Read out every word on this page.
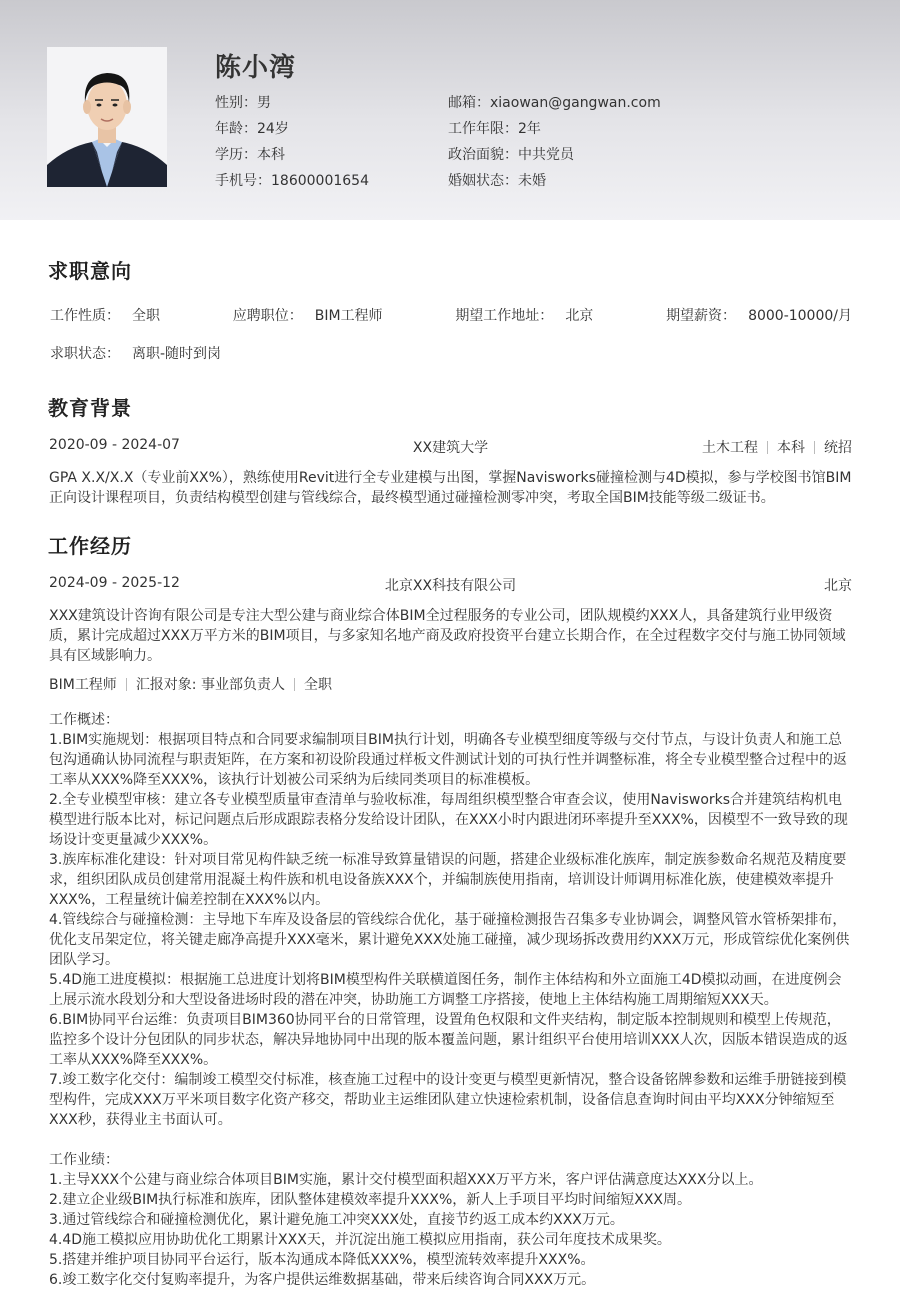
陈小湾
性别： 男
年龄： 24岁
学历： 本科
手机号： 18600001654
邮箱： xiaowan@gangwan.com
工作年限： 2年
政治面貌： 中共党员
婚姻状态： 未婚
求职意向
工作性质： 全职	应聘职位： BIM工程师	期望工作地址： 北京	期望薪资： 8000-10000/月
求职状态： 离职-随时到岗
教育背景
2020-09 - 2024-07	XX建筑大学	土木工程 本科 统招
GPA X.X/X.X（专业前XX%），熟练使用Revit进行全专业建模与出图，掌握Navisworks碰撞检测与4D模拟，参与学校图书馆BIM正向设计课程项目，负责结构模型创建与管线综合，最终模型通过碰撞检测零冲突，考取全国BIM技能等级二级证书。
工作经历
2024-09 - 2025-12	北京XX科技有限公司	北京
XXX建筑设计咨询有限公司是专注大型公建与商业综合体BIM全过程服务的专业公司，团队规模约XXX人，具备建筑行业甲级资质，累计完成超过XXX万平方米的BIM项目，与多家知名地产商及政府投资平台建立长期合作，在全过程数字交付与施工协同领域具有区域影响力。
BIM工程师 汇报对象: 事业部负责人 全职
工作概述：
1.BIM实施规划：根据项目特点和合同要求编制项目BIM执行计划，明确各专业模型细度等级与交付节点，与设计负责人和施工总包沟通确认协同流程与职责矩阵，在方案和初设阶段通过样板文件测试计划的可执行性并调整标准，将全专业模型整合过程中的返工率从XXX%降至XXX%，该执行计划被公司采纳为后续同类项目的标准模板。
2.全专业模型审核：建立各专业模型质量审查清单与验收标准，每周组织模型整合审查会议，使用Navisworks合并建筑结构机电模型进行版本比对，标记问题点后形成跟踪表格分发给设计团队，在XXX小时内跟进闭环率提升至XXX%，因模型不一致导致的现场设计变更量减少XXX%。
3.族库标准化建设：针对项目常见构件缺乏统一标准导致算量错误的问题，搭建企业级标准化族库，制定族参数命名规范及精度要求，组织团队成员创建常用混凝土构件族和机电设备族XXX个，并编制族使用指南，培训设计师调用标准化族，使建模效率提升XXX%，工程量统计偏差控制在XXX%以内。
4.管线综合与碰撞检测：主导地下车库及设备层的管线综合优化，基于碰撞检测报告召集多专业协调会，调整风管水管桥架排布，优化支吊架定位，将关键走廊净高提升XXX毫米，累计避免XXX处施工碰撞，减少现场拆改费用约XXX万元，形成管综优化案例供团队学习。
5.4D施工进度模拟：根据施工总进度计划将BIM模型构件关联横道图任务，制作主体结构和外立面施工4D模拟动画，在进度例会上展示流水段划分和大型设备进场时段的潜在冲突，协助施工方调整工序搭接，使地上主体结构施工周期缩短XXX天。
6.BIM协同平台运维：负责项目BIM360协同平台的日常管理，设置角色权限和文件夹结构，制定版本控制规则和模型上传规范，监控多个设计分包团队的同步状态，解决异地协同中出现的版本覆盖问题，累计组织平台使用培训XXX人次，因版本错误造成的返工率从XXX%降至XXX%。
7.竣工数字化交付：编制竣工模型交付标准，核查施工过程中的设计变更与模型更新情况，整合设备铭牌参数和运维手册链接到模型构件，完成XXX万平米项目数字化资产移交，帮助业主运维团队建立快速检索机制，设备信息查询时间由平均XXX分钟缩短至XXX秒，获得业主书面认可。
工作业绩：
1.主导XXX个公建与商业综合体项目BIM实施，累计交付模型面积超XXX万平方米，客户评估满意度达XXX分以上。
2.建立企业级BIM执行标准和族库，团队整体建模效率提升XXX%，新人上手项目平均时间缩短XXX周。
3.通过管线综合和碰撞检测优化，累计避免施工冲突XXX处，直接节约返工成本约XXX万元。
4.4D施工模拟应用协助优化工期累计XXX天，并沉淀出施工模拟应用指南，获公司年度技术成果奖。
5.搭建并维护项目协同平台运行，版本沟通成本降低XXX%，模型流转效率提升XXX%。
6.竣工数字化交付复购率提升，为客户提供运维数据基础，带来后续咨询合同XXX万元。
